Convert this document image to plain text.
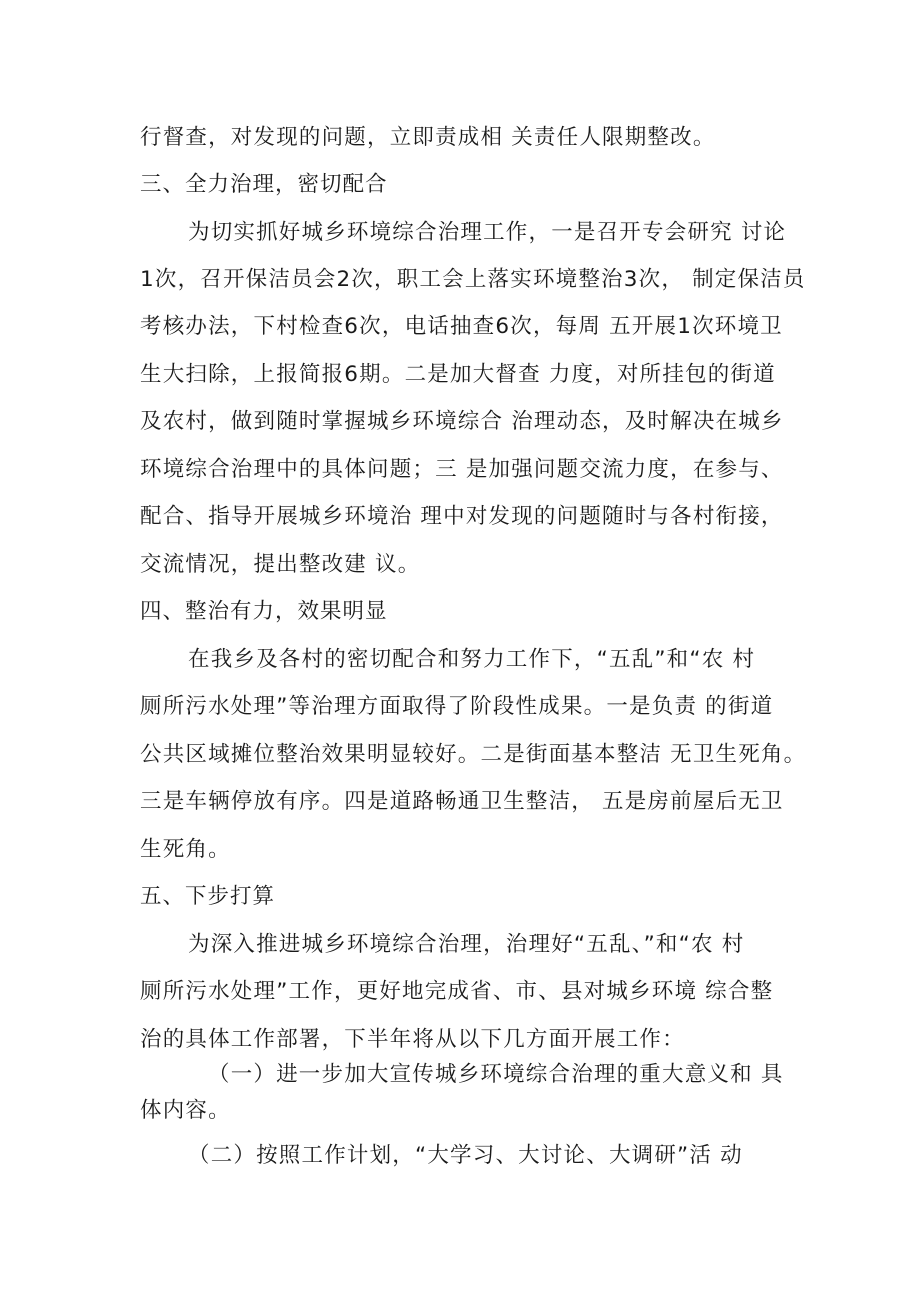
行督查，对发现的问题，立即责成相 关责任人限期整改。
三、全力治理，密切配合
为切实抓好城乡环境综合治理工作，一是召开专会研究 讨论
1次，召开保洁员会2次，职工会上落实环境整治3次， 制定保洁员
考核办法，下村检查6次，电话抽查6次，每周 五开展1次环境卫
生大扫除，上报简报6期。二是加大督查 力度，对所挂包的街道
及农村，做到随时掌握城乡环境综合 治理动态，及时解决在城乡
环境综合治理中的具体问题；三 是加强问题交流力度，在参与、
配合、指导开展城乡环境治 理中对发现的问题随时与各村衔接，
交流情况，提出整改建 议。
四、整治有力，效果明显
在我乡及各村的密切配合和努力工作下，“五乱”和“农 村
厕所污水处理”等治理方面取得了阶段性成果。一是负责 的街道
公共区域摊位整治效果明显较好。二是街面基本整洁 无卫生死角。
三是车辆停放有序。四是道路畅通卫生整洁， 五是房前屋后无卫
生死角。
五、下步打算
为深入推进城乡环境综合治理，治理好“五乱、”和“农 村
厕所污水处理”工作，更好地完成省、市、县对城乡环境 综合整
治的具体工作部署，下半年将从以下几方面开展工作：
（一）进一步加大宣传城乡环境综合治理的重大意义和 具
体内容。
（二）按照工作计划，“大学习、大讨论、大调研”活 动
